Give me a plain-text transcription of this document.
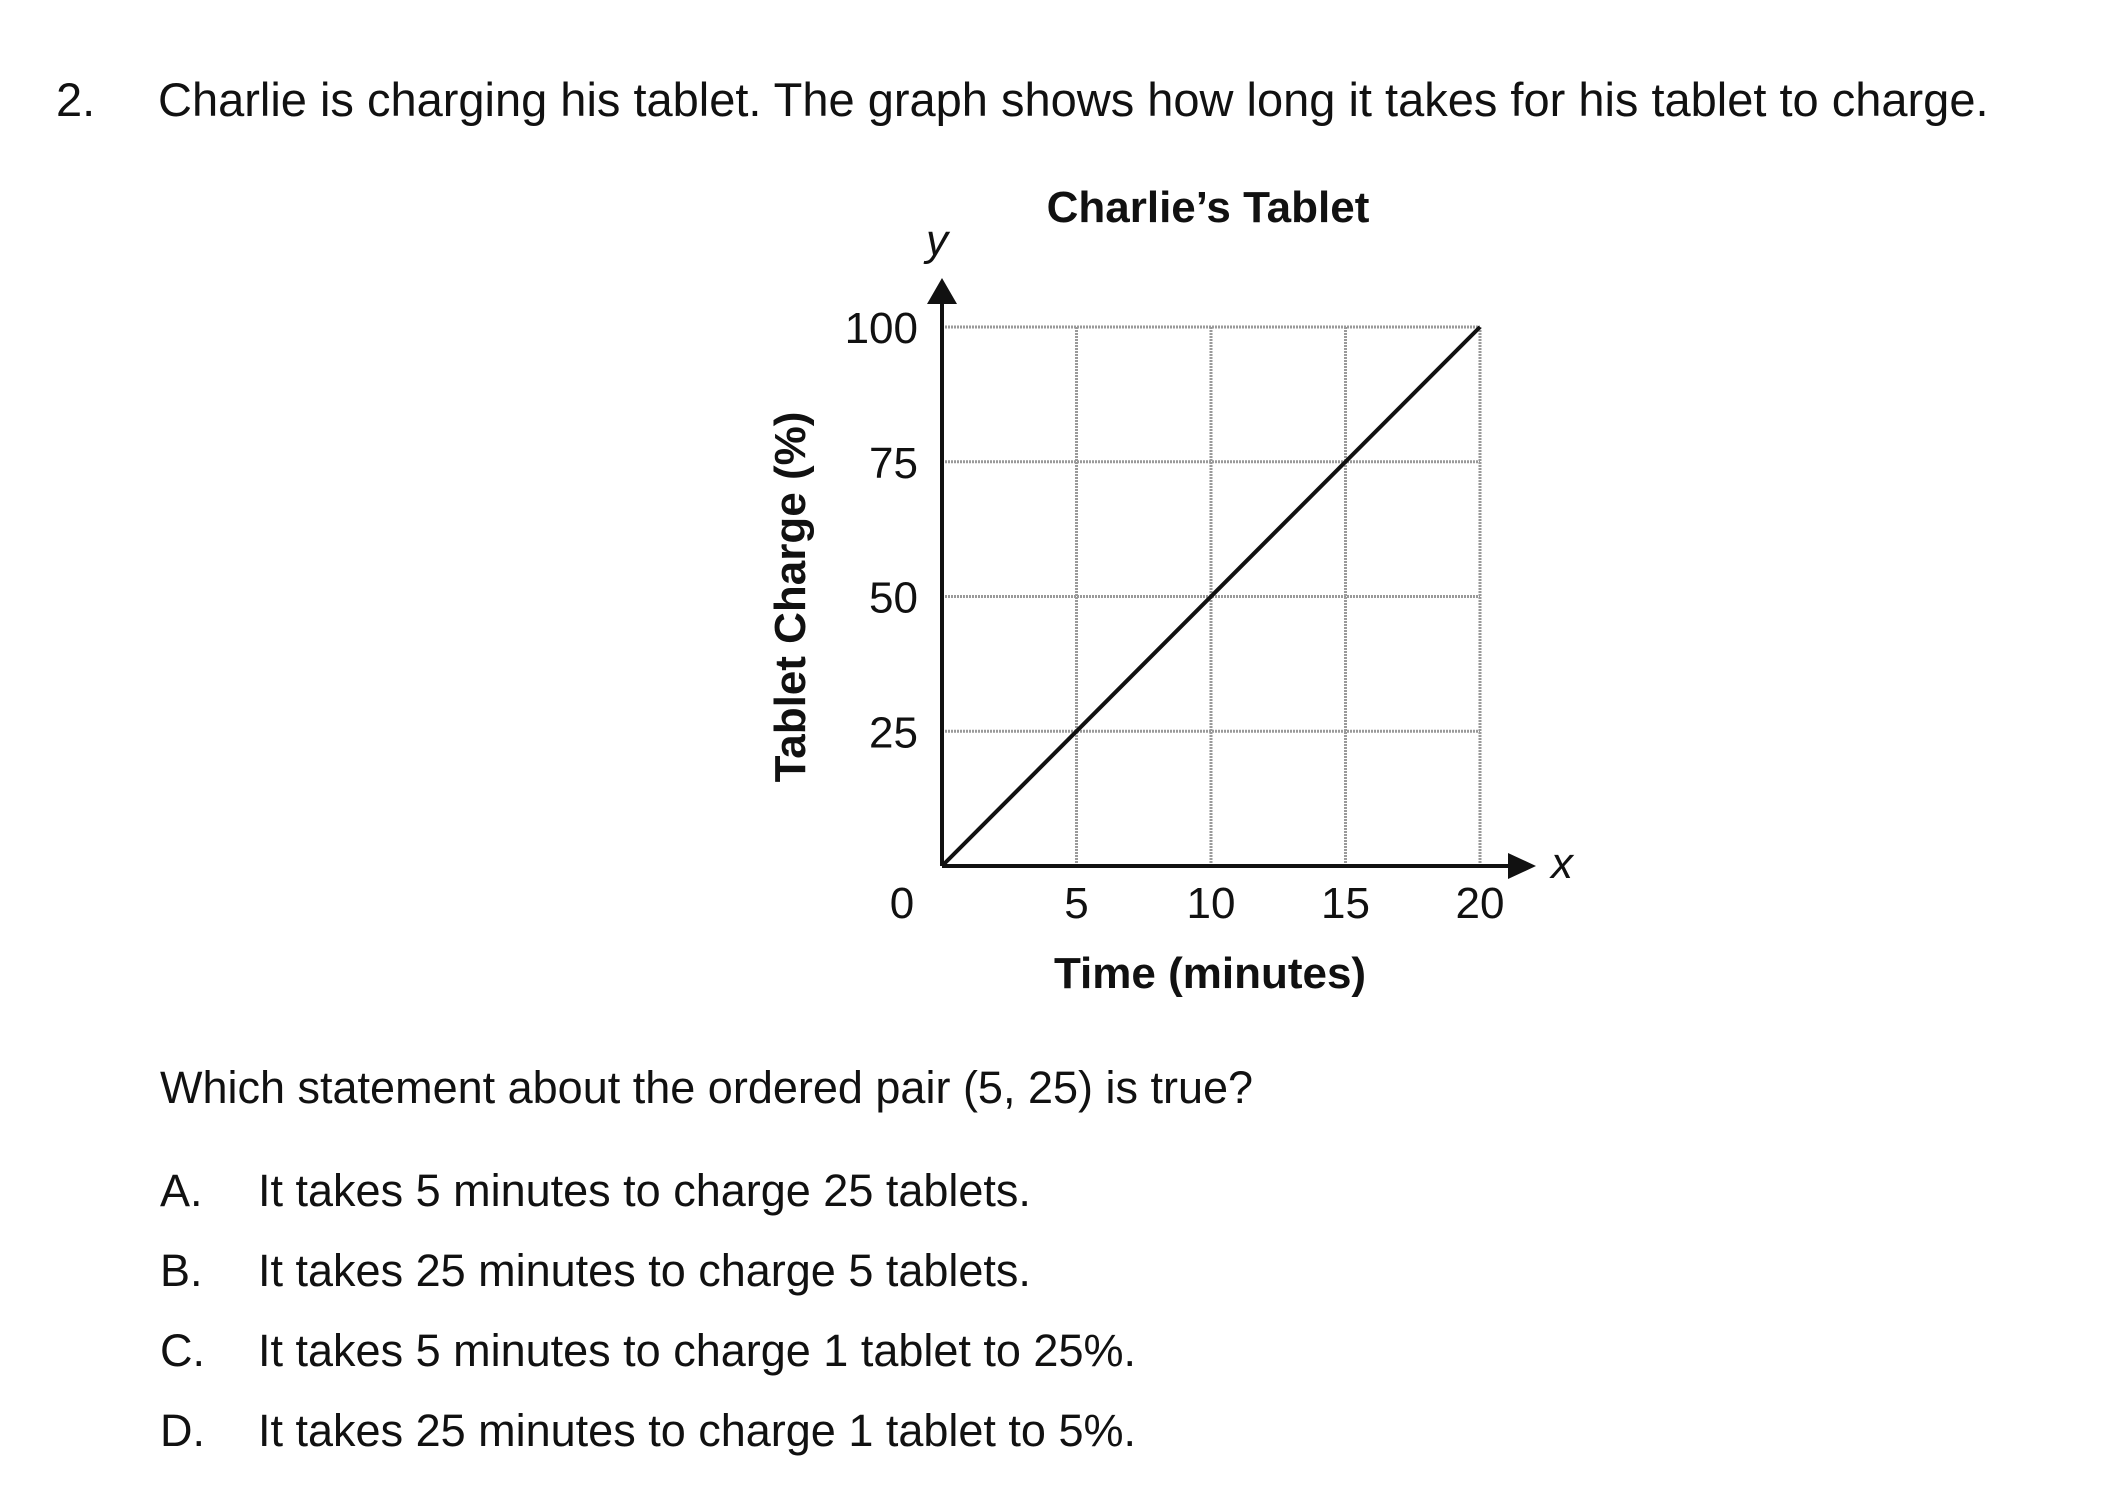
2. Charlie is charging his tablet. The graph shows how long it takes for his tablet to charge.
Charlie’s Tablet
y
x
25
50
75
100
0	5 10 15 20
Time (minutes)
Tablet Charge (%)
Which statement about the ordered pair (5, 25) is true?
A. It takes 5 minutes to charge 25 tablets.
B. It takes 25 minutes to charge 5 tablets.
C. It takes 5 minutes to charge 1 tablet to 25%.
D. It takes 25 minutes to charge 1 tablet to 5%.
